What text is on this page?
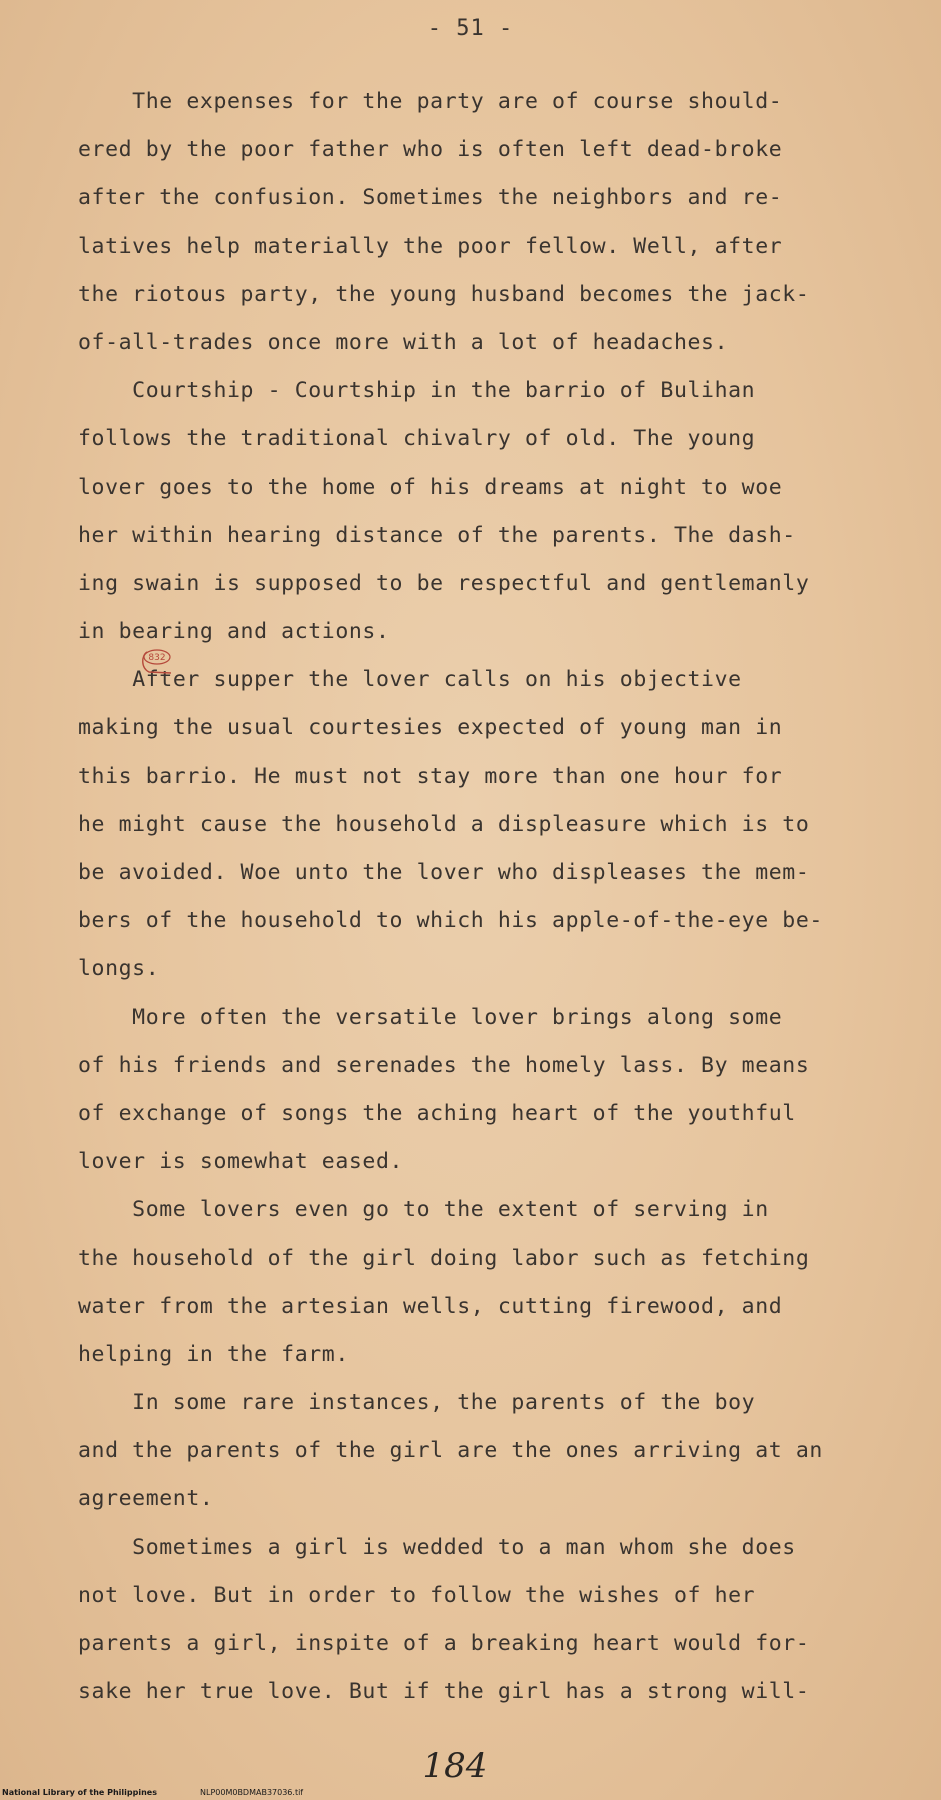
- 51 -
The expenses for the party are of course should-
ered by the poor father who is often left dead-broke
after the confusion. Sometimes the neighbors and re-
latives help materially the poor fellow. Well, after
the riotous party, the young husband becomes the jack-
of-all-trades once more with a lot of headaches.
Courtship - Courtship in the barrio of Bulihan
follows the traditional chivalry of old. The young
lover goes to the home of his dreams at night to woe
her within hearing distance of the parents. The dash-
ing swain is supposed to be respectful and gentlemanly
in bearing and actions.
After supper the lover calls on his objective
making the usual courtesies expected of young man in
this barrio. He must not stay more than one hour for
he might cause the household a displeasure which is to
be avoided. Woe unto the lover who displeases the mem-
bers of the household to which his apple-of-the-eye be-
longs.
More often the versatile lover brings along some
of his friends and serenades the homely lass. By means
of exchange of songs the aching heart of the youthful
lover is somewhat eased.
Some lovers even go to the extent of serving in
the household of the girl doing labor such as fetching
water from the artesian wells, cutting firewood, and
helping in the farm.
In some rare instances, the parents of the boy
and the parents of the girl are the ones arriving at an
agreement.
Sometimes a girl is wedded to a man whom she does
not love. But in order to follow the wishes of her
parents a girl, inspite of a breaking heart would for-
sake her true love. But if the girl has a strong will-
832
184
National Library of the Philippines	NLP00M0BDMAB37036.tif
